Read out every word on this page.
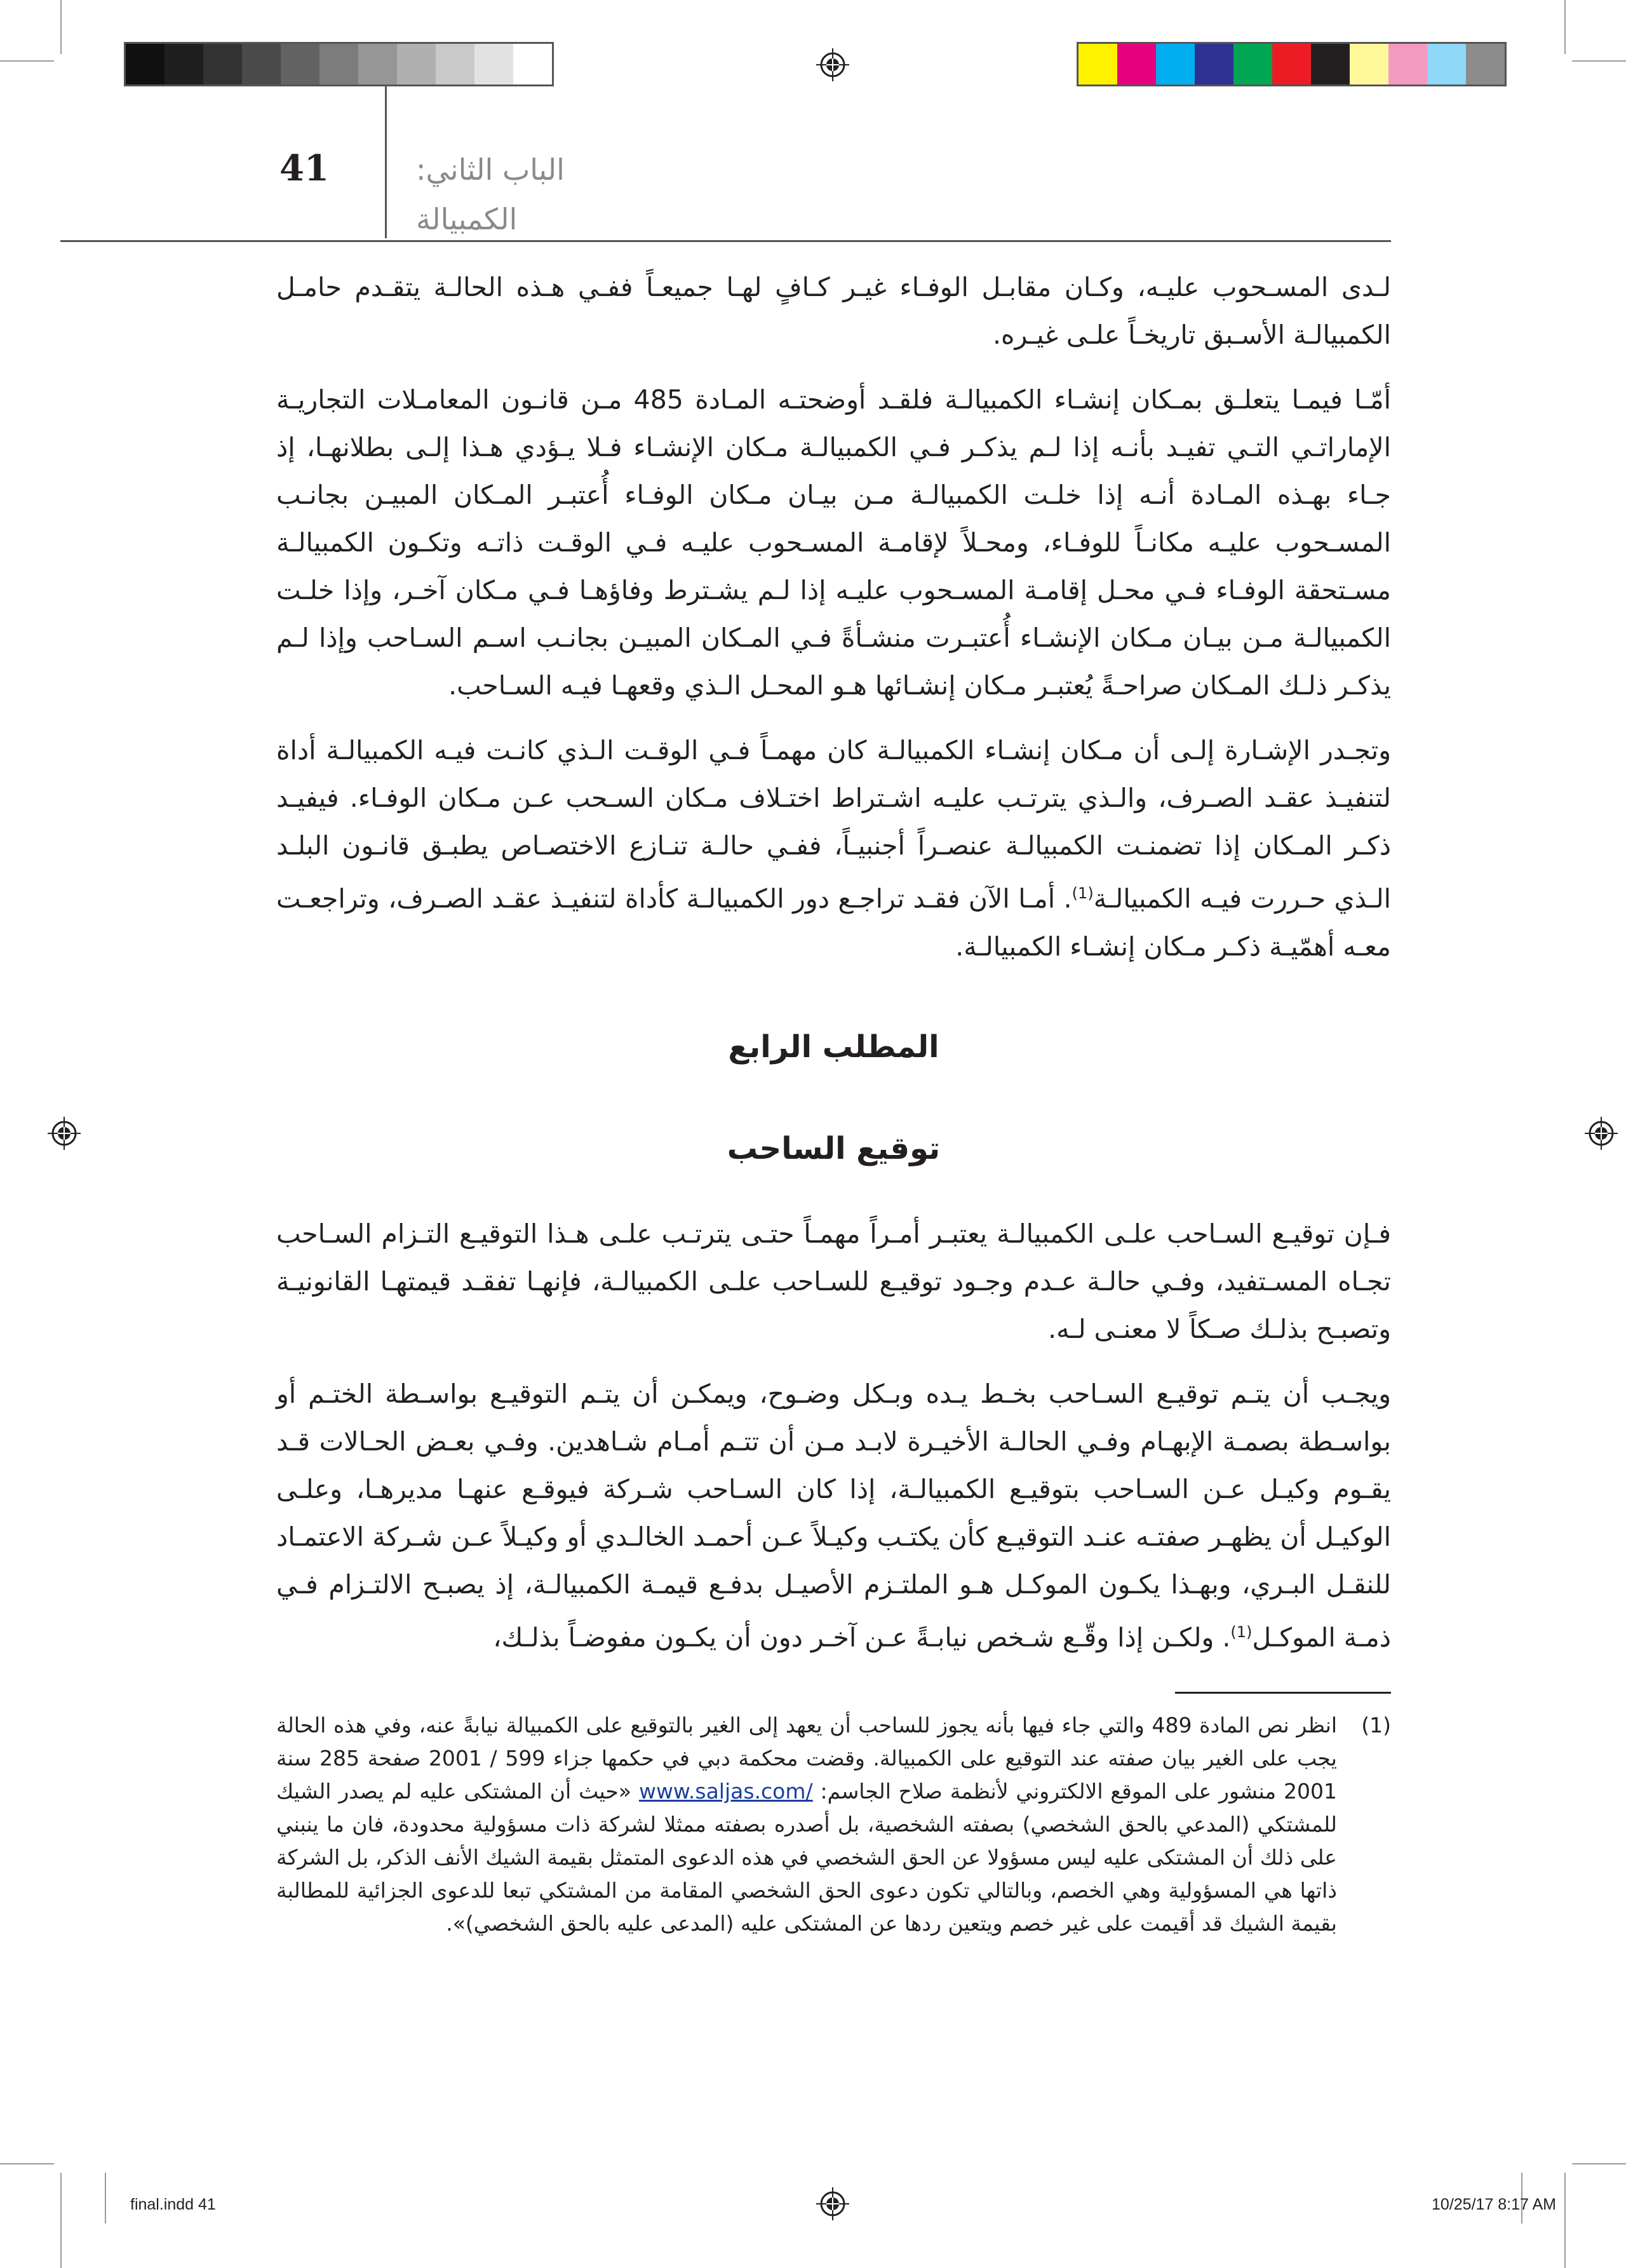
41	الباب الثاني:
الكمبيالة

لـدى المسـحوب عليـه، وكـان مقابـل الوفـاء غيـر كـافٍ لهـا جميعـاً ففـي هـذه الحالـة يتقـدم حامـل الكمبيالـة الأسـبق تاريخـاً علـى غيـره.

أمّـا فيمـا يتعلـق بمـكان إنشـاء الكمبيالـة فلقـد أوضحتـه المـادة 485 مـن قانـون المعامـلات التجاريـة الإماراتـي التـي تفيـد بأنـه إذا لـم يذكـر فـي الكمبيالـة مـكان الإنشـاء فـلا يـؤدي هـذا إلـى بطلانهـا، إذ جـاء بهـذه المـادة أنـه إذا خلـت الكمبيالـة مـن بيـان مـكان الوفـاء أُعتبـر المـكان المبيـن بجانـب المسـحوب عليـه مكانـاً للوفـاء، ومحـلاً لإقامـة المسـحوب عليـه فـي الوقـت ذاتـه وتكـون الكمبيالـة مسـتحقة الوفـاء فـي محـل إقامـة المسـحوب عليـه إذا لـم يشـترط وفاؤهـا فـي مـكان آخـر، وإذا خلـت الكمبيالـة مـن بيـان مـكان الإنشـاء أُعتبـرت منشـأةً فـي المـكان المبيـن بجانـب اسـم السـاحب وإذا لـم يذكـر ذلـك المـكان صراحـةً يُعتبـر مـكان إنشـائها هـو المحـل الـذي وقعهـا فيـه السـاحب.

وتجـدر الإشـارة إلـى أن مـكان إنشـاء الكمبيالـة كان مهمـاً فـي الوقـت الـذي كانـت فيـه الكمبيالـة أداة لتنفيـذ عقـد الصـرف، والـذي يترتـب عليـه اشـتراط اختـلاف مـكان السـحب عـن مـكان الوفـاء. فيفيـد ذكـر المـكان إذا تضمنـت الكمبيالـة عنصـراً أجنبيـاً، ففـي حالـة تنـازع الاختصـاص يطبـق قانـون البلـد الـذي حـررت فيـه الكمبيالـة$^{(1)}$. أمـا الآن فقـد تراجـع دور الكمبيالـة كأداة لتنفيـذ عقـد الصـرف، وتراجعـت معـه أهمّيـة ذكـر مـكان إنشـاء الكمبيالـة.

المطلب الرابع
توقيع الساحب

فـإن توقيـع السـاحب علـى الكمبيالـة يعتبـر أمـراً مهمـاً حتـى يترتـب علـى هـذا التوقيـع التـزام السـاحب تجـاه المسـتفيد، وفـي حالـة عـدم وجـود توقيـع للسـاحب علـى الكمبيالـة، فإنهـا تفقـد قيمتهـا القانونيـة وتصبـح بذلـك صـكاً لا معنـى لـه.

ويجـب أن يتـم توقيـع السـاحب بخـط يـده وبـكل وضـوح، ويمكـن أن يتـم التوقيـع بواسـطة الختـم أو بواسـطة بصمـة الإبهـام وفـي الحالـة الأخيـرة لابـد مـن أن تتـم أمـام شـاهدين. وفـي بعـض الحـالات قـد يقـوم وكيـل عـن السـاحب بتوقيـع الكمبيالـة، إذا كان السـاحب شـركة فيوقـع عنهـا مديرهـا، وعلـى الوكيـل أن يظهـر صفتـه عنـد التوقيـع كأن يكتـب وكيـلاً عـن أحمـد الخالـدي أو وكيـلاً عـن شـركة الاعتمـاد للنقـل البـري، وبهـذا يكـون الموكـل هـو الملتـزم الأصيـل بدفـع قيمـة الكمبيالـة، إذ يصبـح الالتـزام فـي ذمـة الموكـل$^{(1)}$. ولكـن إذا وقّـع شـخص نيابـةً عـن آخـر دون أن يكـون مفوضـاً بذلـك،

(1)
انظر نص المادة 489 والتي جاء فيها بأنه يجوز للساحب أن يعهد إلى الغير بالتوقيع على الكمبيالة نيابةً عنه، وفي هذه الحالة يجب على الغير بيان صفته عند التوقيع على الكمبيالة. وقضت محكمة دبي في حكمها جزاء 599 / 2001 صفحة 285 سنة 2001 منشور على الموقع الالكتروني لأنظمة صلاح الجاسم: www.saljas.com/ «حيث أن المشتكى عليه لم يصدر الشيك للمشتكي (المدعي بالحق الشخصي) بصفته الشخصية، بل أصدره بصفته ممثلا لشركة ذات مسؤولية محدودة، فان ما ينبني على ذلك أن المشتكى عليه ليس مسؤولا عن الحق الشخصي في هذه الدعوى المتمثل بقيمة الشيك الأنف الذكر، بل الشركة ذاتها هي المسؤولية وهي الخصم، وبالتالي تكون دعوى الحق الشخصي المقامة من المشتكي تبعا للدعوى الجزائية للمطالبة بقيمة الشيك قد أقيمت على غير خصم ويتعين ردها عن المشتكى عليه (المدعى عليه بالحق الشخصي)».
final.indd 41	10/25/17 8:17 AM
